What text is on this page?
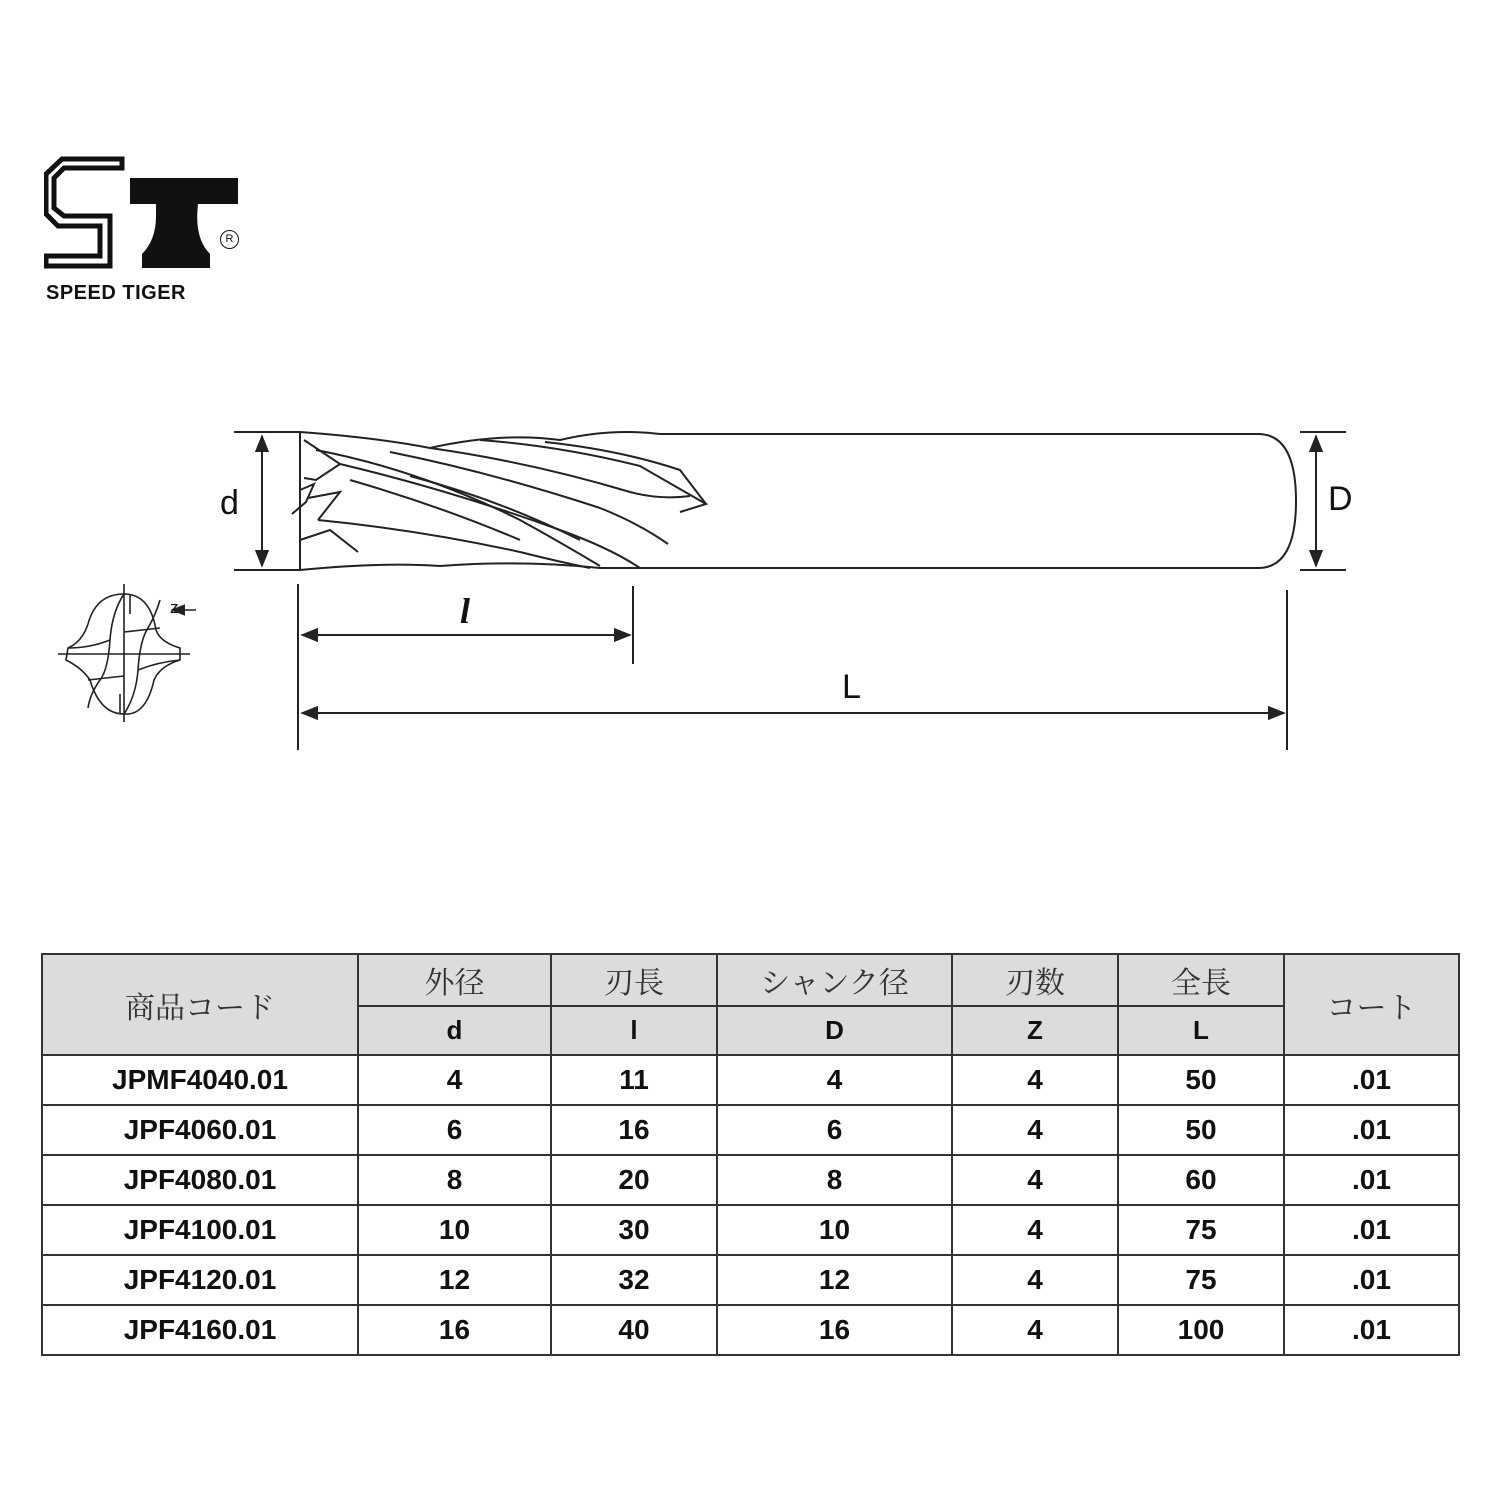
R
SPEED TIGER
d	D
l
L
z
商品コード	外径	刃長	シャンク径	刃数	全長	コート
	d	l	D	Z	L	
JPMF4040.01	4	11	4	4	50	.01
JPF4060.01	6	16	6	4	50	.01
JPF4080.01	8	20	8	4	60	.01
JPF4100.01	10	30	10	4	75	.01
JPF4120.01	12	32	12	4	75	.01
JPF4160.01	16	40	16	4	100	.01
